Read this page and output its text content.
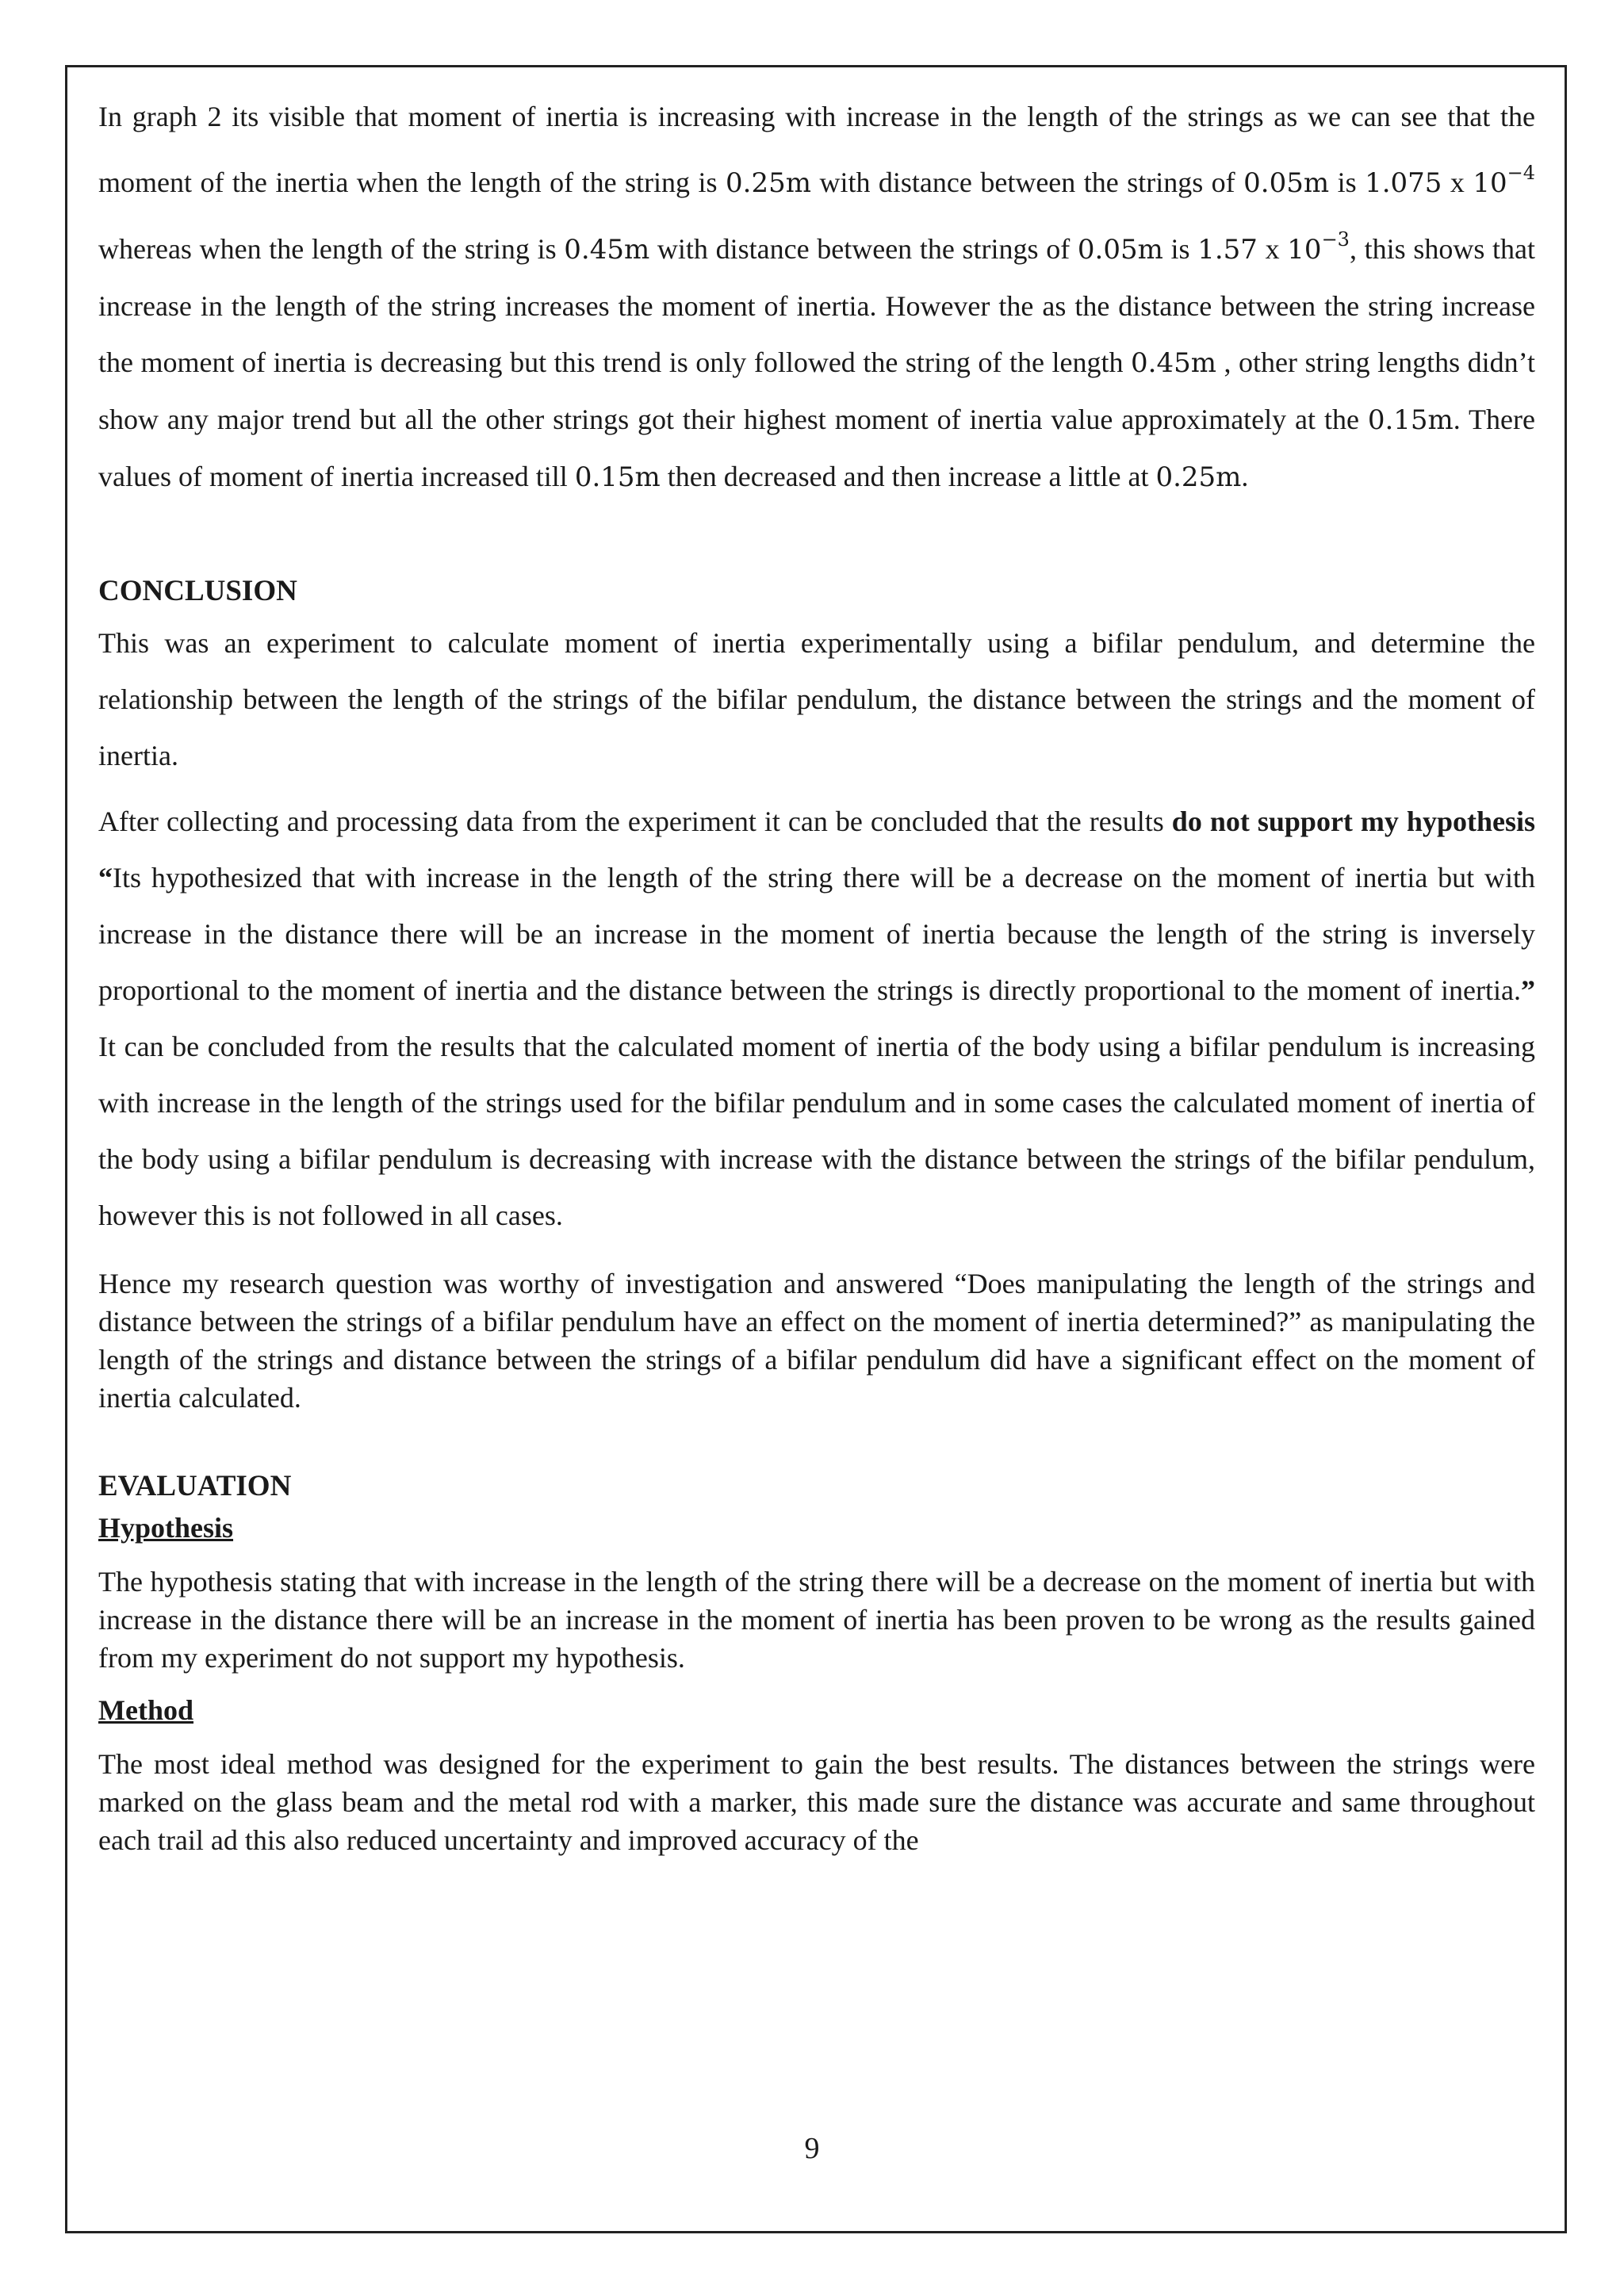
In graph 2 its visible that moment of inertia is increasing with increase in the length of the strings as we can see that the moment of the inertia when the length of the string is 0.25m with distance between the strings of 0.05m is 1.075 x $10^{-4}$ whereas when the length of the string is 0.45m with distance between the strings of 0.05m is 1.57 x $10^{-3}$, this shows that increase in the length of the string increases the moment of inertia. However the as the distance between the string increase the moment of inertia is decreasing but this trend is only followed the string of the length 0.45m , other string lengths didn’t show any major trend but all the other strings got their highest moment of inertia value approximately at the 0.15m. There values of moment of inertia increased till 0.15m then decreased and then increase a little at 0.25m.

CONCLUSION

This was an experiment to calculate moment of inertia experimentally using a bifilar pendulum, and determine the relationship between the length of the strings of the bifilar pendulum, the distance between the strings and the moment of inertia.

After collecting and processing data from the experiment it can be concluded that the results do not support my hypothesis “Its hypothesized that with increase in the length of the string there will be a decrease on the moment of inertia but with increase in the distance there will be an increase in the moment of inertia because the length of the string is inversely proportional to the moment of inertia and the distance between the strings is directly proportional to the moment of inertia.” It can be concluded from the results that the calculated moment of inertia of the body using a bifilar pendulum is increasing with increase in the length of the strings used for the bifilar pendulum and in some cases the calculated moment of inertia of the body using a bifilar pendulum is decreasing with increase with the distance between the strings of the bifilar pendulum, however this is not followed in all cases.

Hence my research question was worthy of investigation and answered “Does manipulating the length of the strings and distance between the strings of a bifilar pendulum have an effect on the moment of inertia determined?” as manipulating the length of the strings and distance between the strings of a bifilar pendulum did have a significant effect on the moment of inertia calculated.

EVALUATION
Hypothesis

The hypothesis stating that with increase in the length of the string there will be a decrease on the moment of inertia but with increase in the distance there will be an increase in the moment of inertia has been proven to be wrong as the results gained from my experiment do not support my hypothesis.

Method

The most ideal method was designed for the experiment to gain the best results. The distances between the strings were marked on the glass beam and the metal rod with a marker, this made sure the distance was accurate and same throughout each trail ad this also reduced uncertainty and improved accuracy of the

9
